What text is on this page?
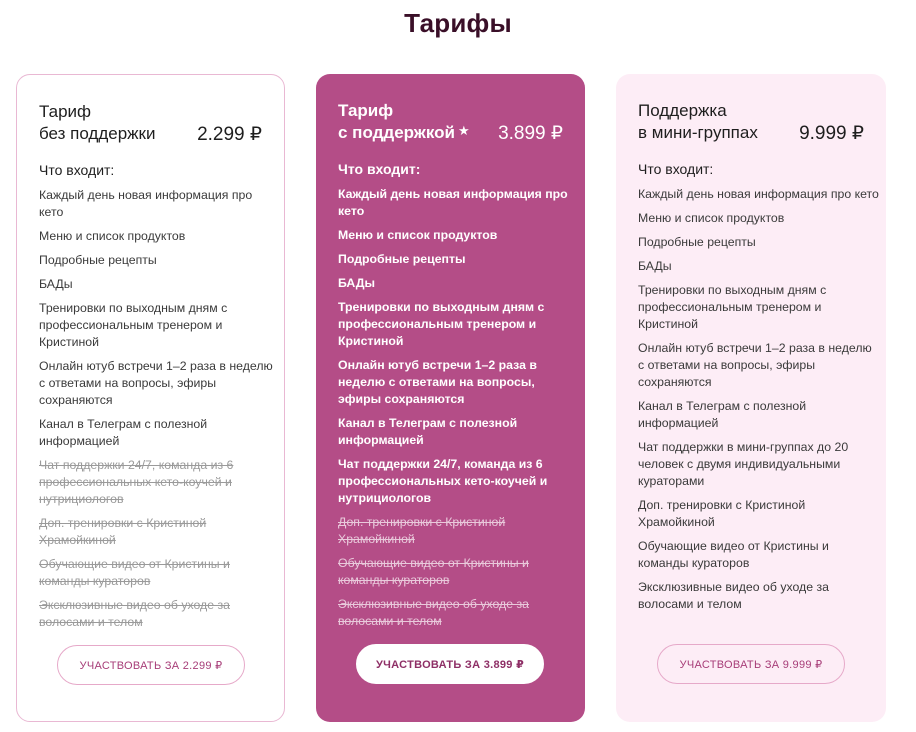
Тарифы
Тариф
без поддержки	2.299 ₽
Что входит:
Каждый день новая информация про кето
Меню и список продуктов
Подробные рецепты
БАДы
Тренировки по выходным дням с профессиональным тренером и Кристиной
Онлайн ютуб встречи 1–2 раза в неделю с ответами на вопросы, эфиры сохраняются
Канал в Телеграм с полезной информацией
Чат поддержки 24/7, команда из 6 профессиональных кето-коучей и нутрициологов
Доп. тренировки с Кристиной Храмойкиной
Обучающие видео от Кристины и команды кураторов
Эксклюзивные видео об уходе за волосами и телом
УЧАСТВОВАТЬ ЗА 2.299 ₽
Тариф
с поддержкой ★	3.899 ₽
Что входит:
Каждый день новая информация про кето
Меню и список продуктов
Подробные рецепты
БАДы
Тренировки по выходным дням с профессиональным тренером и Кристиной
Онлайн ютуб встречи 1–2 раза в неделю с ответами на вопросы, эфиры сохраняются
Канал в Телеграм с полезной информацией
Чат поддержки 24/7, команда из 6 профессиональных кето-коучей и нутрициологов
Доп. тренировки с Кристиной Храмойкиной
Обучающие видео от Кристины и команды кураторов
Эксклюзивные видео об уходе за волосами и телом
УЧАСТВОВАТЬ ЗА 3.899 ₽
Поддержка
в мини-группах	9.999 ₽
Что входит:
Каждый день новая информация про кето
Меню и список продуктов
Подробные рецепты
БАДы
Тренировки по выходным дням с профессиональным тренером и Кристиной
Онлайн ютуб встречи 1–2 раза в неделю с ответами на вопросы, эфиры сохраняются
Канал в Телеграм с полезной информацией
Чат поддержки в мини-группах до 20 человек с двумя индивидуальными кураторами
Доп. тренировки с Кристиной Храмойкиной
Обучающие видео от Кристины и команды кураторов
Эксклюзивные видео об уходе за волосами и телом
УЧАСТВОВАТЬ ЗА 9.999 ₽
